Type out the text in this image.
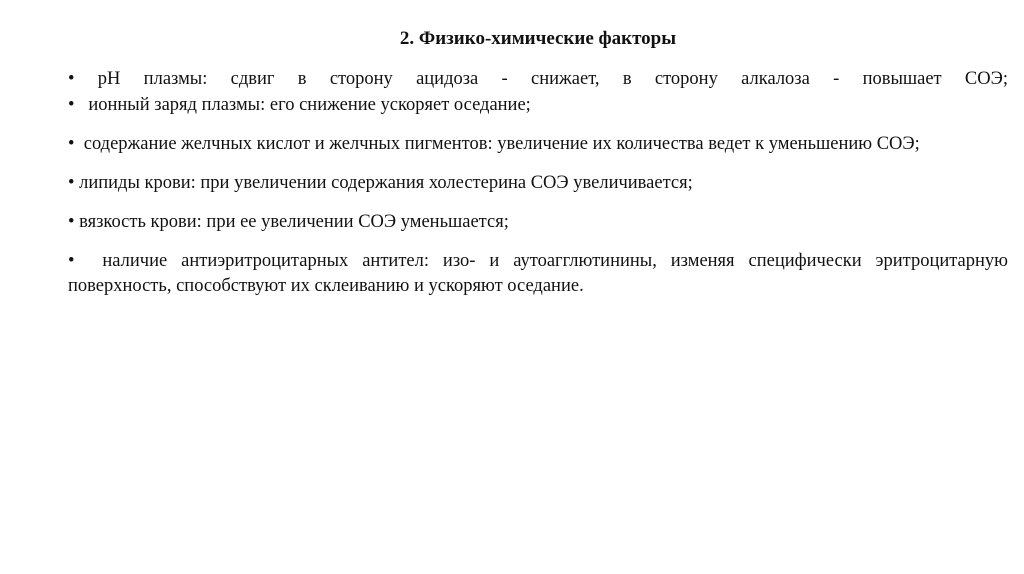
2. Физико-химические факторы

• pH плазмы: сдвиг в сторону ацидоза - снижает, в сторону алкалоза - повышает СОЭ;

•   ионный заряд плазмы: его снижение ускоряет оседание;

•  содержание желчных кислот и желчных пигментов: увеличение их количества ведет к уменьшению СОЭ;

• липиды крови: при увеличении содержания холестерина СОЭ увеличивается;

• вязкость крови: при ее увеличении СОЭ уменьшается;

•  наличие антиэритроцитарных антител: изо- и аутоагглютинины, изменяя специфически эритроцитарную поверхность, способствуют их склеиванию и ускоряют оседание.
